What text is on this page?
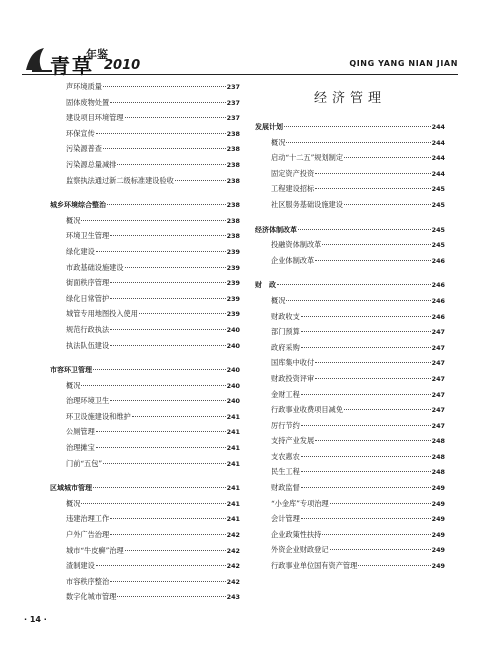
青草
年鉴
2010	QING YANG NIAN JIAN
声环境质量	237
固体废物处置	237
建设项目环境管理	237
环保宣传	238
污染源普查	238
污染源总量减排	238
监察执法通过新二级标准建设验收	238
城乡环境综合整治	238
概况	238
环境卫生管理	238
绿化建设	239
市政基础设施建设	239
街面秩序管理	239
绿化日常管护	239
城管专用地图投入使用	239
规范行政执法	240
执法队伍建设	240
市容环卫管理	240
概况	240
治理环境卫生	240
环卫设施建设和维护	241
公厕管理	241
治理摊宝	241
门前“五包”	241
区域城市管理	241
概况	241
违建治理工作	241
户外广告治理	242
城市“牛皮癣”治理	242
渣制建设	242
市容秩序整治	242
数字化城市管理	243
经济管理
发展计划	244
概况	244
启动“十二五”规划制定	244
固定资产投资	244
工程建设招标	245
社区服务基础设施建设	245
经济体制改革	245
投融资体制改革	245
企业体制改革	246
财　政	246
概况	246
财政收支	246
部门预算	247
政府采购	247
国库集中收付	247
财政投资评审	247
金财工程	247
行政事业收费项目减免	247
厉行节约	247
支持产业发展	248
支农惠农	248
民生工程	248
财政监督	249
“小金库”专项治理	249
会计管理	249
企业政策性扶持	249
外资企业财政登记	249
行政事业单位国有资产管理	249
· 14 ·
